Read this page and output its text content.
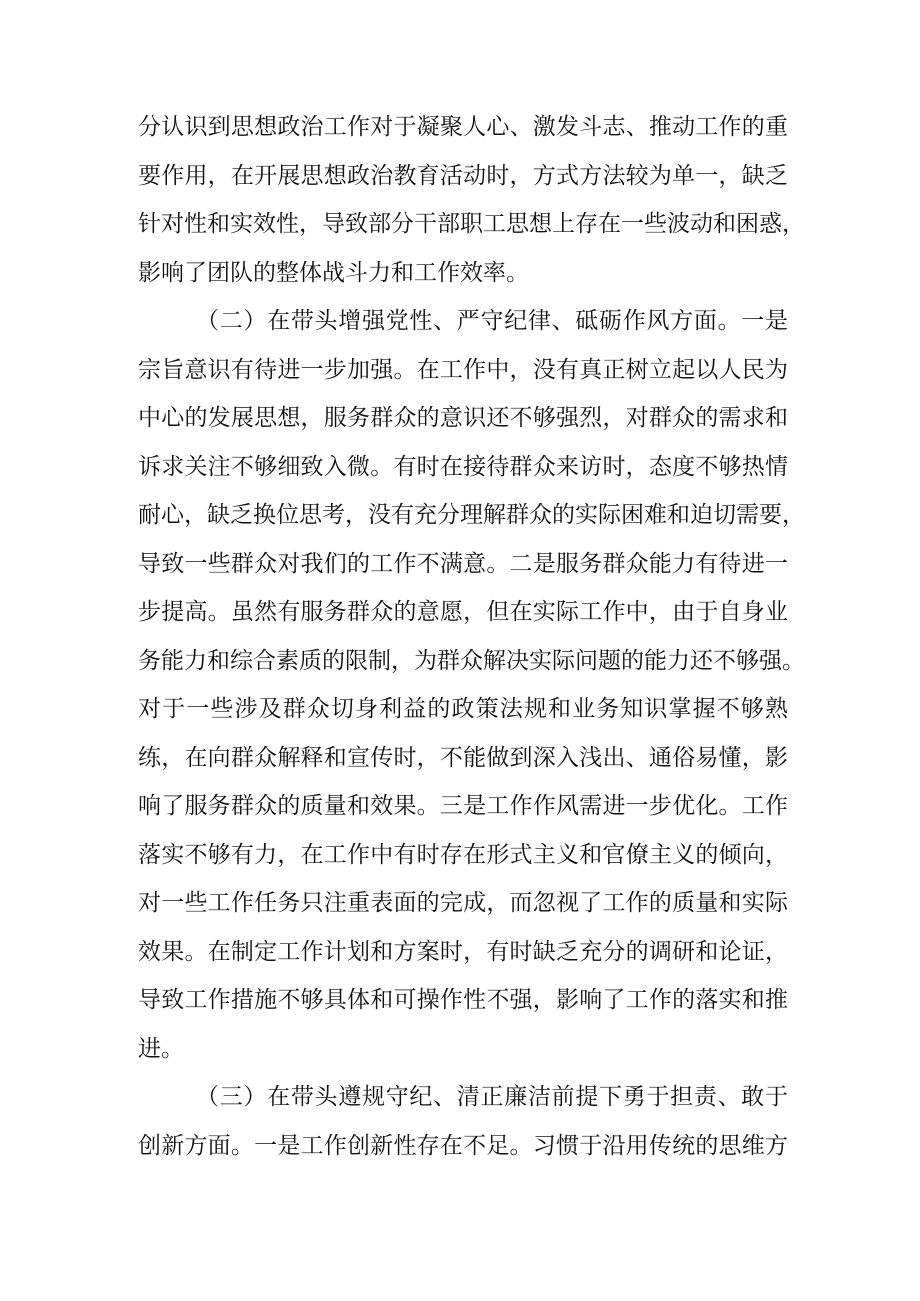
分认识到思想政治工作对于凝聚人心、激发斗志、推动工作的重
要作用，在开展思想政治教育活动时，方式方法较为单一，缺乏
针对性和实效性，导致部分干部职工思想上存在一些波动和困惑，
影响了团队的整体战斗力和工作效率。
（二）在带头增强党性、严守纪律、砥砺作风方面。一是
宗旨意识有待进一步加强。在工作中，没有真正树立起以人民为
中心的发展思想，服务群众的意识还不够强烈，对群众的需求和
诉求关注不够细致入微。有时在接待群众来访时，态度不够热情
耐心，缺乏换位思考，没有充分理解群众的实际困难和迫切需要，
导致一些群众对我们的工作不满意。二是服务群众能力有待进一
步提高。虽然有服务群众的意愿，但在实际工作中，由于自身业
务能力和综合素质的限制，为群众解决实际问题的能力还不够强。
对于一些涉及群众切身利益的政策法规和业务知识掌握不够熟
练，在向群众解释和宣传时，不能做到深入浅出、通俗易懂，影
响了服务群众的质量和效果。三是工作作风需进一步优化。工作
落实不够有力，在工作中有时存在形式主义和官僚主义的倾向，
对一些工作任务只注重表面的完成，而忽视了工作的质量和实际
效果。在制定工作计划和方案时，有时缺乏充分的调研和论证，
导致工作措施不够具体和可操作性不强，影响了工作的落实和推
进。
（三）在带头遵规守纪、清正廉洁前提下勇于担责、敢于
创新方面。一是工作创新性存在不足。习惯于沿用传统的思维方
